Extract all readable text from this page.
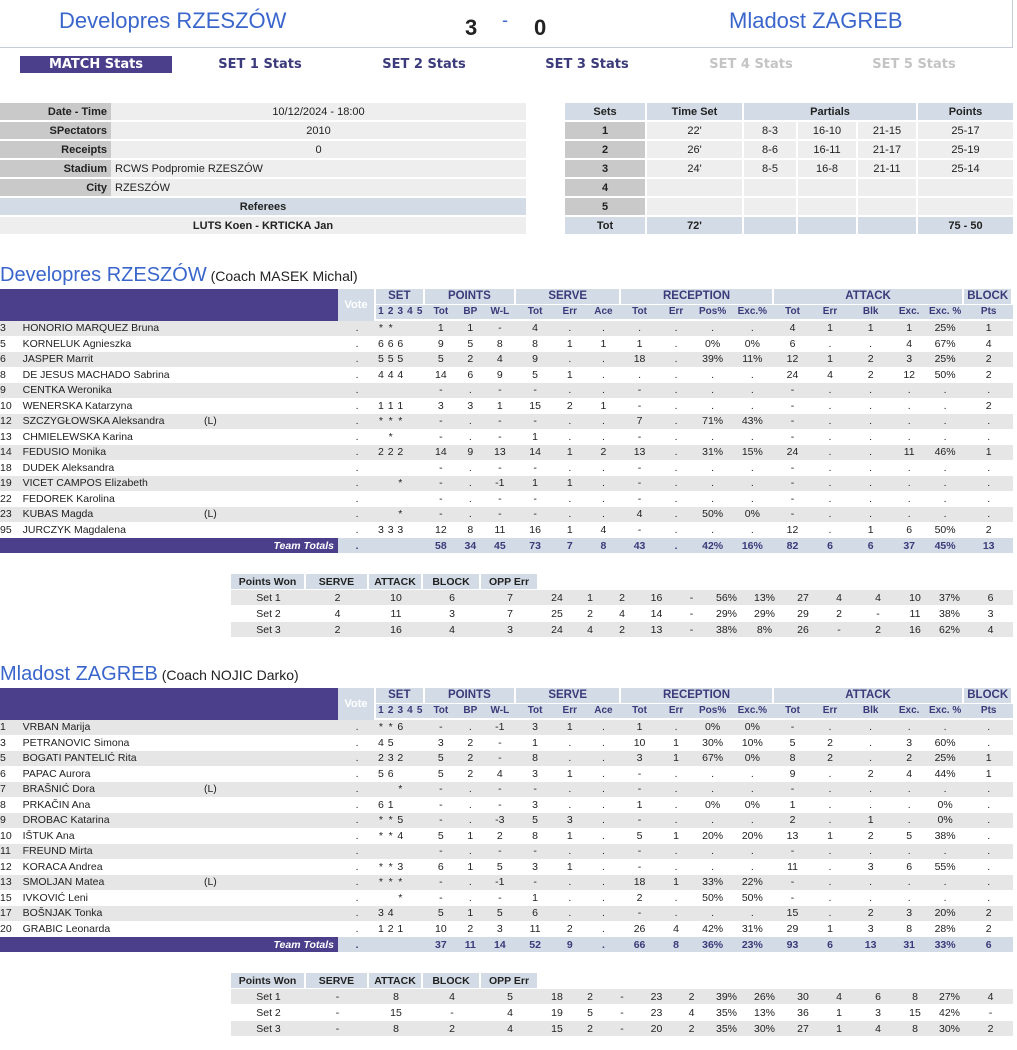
Developres RZESZÓW	3 - 0	Mladost ZAGREB
MATCH Stats	SET 1 Stats	SET 2 Stats	SET 3 Stats	SET 4 Stats	SET 5 Stats
Date - Time	10/12/2024 - 18:00
SPectators	2010
Receipts	0
Stadium	RCWS Podpromie RZESZÓW
City	RZESZÓW
Referees	
LUTS Koen - KRTICKA Jan	
Sets	Time Set	Partials			Points
1	22'	8-3	16-10	21-15	25-17
2	26'	8-6	16-11	21-17	25-19
3	24'	8-5	16-8	21-11	25-14
4					
5					
Tot	72'				75 - 50
Developres RZESZÓW (Coach MASEK Michal)
			Vote	SET					POINTS			SERVE			RECEPTION				ATTACK					BLOCK
				1	2	3	4	5	Tot	BP	W-L	Tot	Err	Ace	Tot	Err	Pos%	Exc.%	Tot	Err	Blk	Exc.	Exc. %	Pts
3	HONORIO MARQUEZ Bruna		.	*	*				1	1	-	4	.	.	.	.	.	.	4	1	1	1	25%	1
5	KORNELUK Agnieszka		.	6	6	6			9	5	8	8	1	1	1	.	0%	0%	6	.	.	4	67%	4
6	JASPER Marrit		.	5	5	5			5	2	4	9	.	.	18	.	39%	11%	12	1	2	3	25%	2
8	DE JESUS MACHADO Sabrina		.	4	4	4			14	6	9	5	1	.	.	.	.	.	24	4	2	12	50%	2
9	CENTKA Weronika		.						-	.	-	-	.	.	-	.	.	.	-	.	.	.	.	.
10	WENERSKA Katarzyna		.	1	1	1			3	3	1	15	2	1	-	.	.	.	-	.	.	.	.	2
12	SZCZYGŁOWSKA Aleksandra	(L)	.	*	*	*			-	.	-	-	.	.	7	.	71%	43%	-	.	.	.	.	.
13	CHMIELEWSKA Karina		.		*				-	.	-	1	.	.	-	.	.	.	-	.	.	.	.	.
14	FEDUSIO Monika		.	2	2	2			14	9	13	14	1	2	13	.	31%	15%	24	.	.	11	46%	1
18	DUDEK Aleksandra		.						-	.	-	-	.	.	-	.	.	.	-	.	.	.	.	.
19	VICET CAMPOS Elizabeth		.			*			-	.	-1	1	1	.	-	.	.	.	-	.	.	.	.	.
22	FEDOREK Karolina		.						-	.	-	-	.	.	-	.	.	.	-	.	.	.	.	.
23	KUBAS Magda	(L)	.			*			-	.	-	-	.	.	4	.	50%	0%	-	.	.	.	.	.
95	JURCZYK Magdalena		.	3	3	3			12	8	11	16	1	4	-	.	.	.	12	.	1	6	50%	2
	Team Totals		.						58	34	45	73	7	8	43	.	42%	16%	82	6	6	37	45%	13
Points Won	SERVE	ATTACK	BLOCK	OPP Err													
Set 1	2	10	6	7	24	1	2	16	-	56%	13%	27	4	4	10	37%	6
Set 2	4	11	3	7	25	2	4	14	-	29%	29%	29	2	-	11	38%	3
Set 3	2	16	4	3	24	4	2	13	-	38%	8%	26	-	2	16	62%	4
Mladost ZAGREB (Coach NOJIC Darko)
			Vote	SET					POINTS			SERVE			RECEPTION				ATTACK					BLOCK
				1	2	3	4	5	Tot	BP	W-L	Tot	Err	Ace	Tot	Err	Pos%	Exc.%	Tot	Err	Blk	Exc.	Exc. %	Pts
1	VRBAN Marija		.	*	*	6			-	.	-1	3	1	.	1	.	0%	0%	-	.	.	.	.	.
3	PETRANOVIC Simona		.	4	5				3	2	-	1	.	.	10	1	30%	10%	5	2	.	3	60%	.
5	BOGATI PANTELIĆ Rita		.	2	3	2			5	2	-	8	.	.	3	1	67%	0%	8	2	.	2	25%	1
6	PAPAC Aurora		.	5	6				5	2	4	3	1	.	-	.	.	.	9	.	2	4	44%	1
7	BRAŠNIĆ Dora	(L)	.			*			-	.	-	-	.	.	-	.	.	.	-	.	.	.	.	.
8	PRKAČIN Ana		.	6	1				-	.	-	3	.	.	1	.	0%	0%	1	.	.	.	0%	.
9	DROBAC Katarina		.	*	*	5			-	.	-3	5	3	.	-	.	.	.	2	.	1	.	0%	.
10	IŠTUK Ana		.	*	*	4			5	1	2	8	1	.	5	1	20%	20%	13	1	2	5	38%	.
11	FREUND Mirta		.						-	.	-	-	.	.	-	.	.	.	-	.	.	.	.	.
12	KORACA Andrea		.	*	*	3			6	1	5	3	1	.	-	.	.	.	11	.	3	6	55%	.
13	SMOLJAN Matea	(L)	.	*	*	*			-	.	-1	-	.	.	18	1	33%	22%	-	.	.	.	.	.
15	IVKOVIĆ Leni		.			*			-	.	-	1	.	.	2	.	50%	50%	-	.	.	.	.	.
17	BOŠNJAK Tonka		.	3	4				5	1	5	6	.	.	-	.	.	.	15	.	2	3	20%	2
20	GRABIC Leonarda		.	1	2	1			10	2	3	11	2	.	26	4	42%	31%	29	1	3	8	28%	2
	Team Totals		.						37	11	14	52	9	.	66	8	36%	23%	93	6	13	31	33%	6
Points Won	SERVE	ATTACK	BLOCK	OPP Err													
Set 1	-	8	4	5	18	2	-	23	2	39%	26%	30	4	6	8	27%	4
Set 2	-	15	-	4	19	5	-	23	4	35%	13%	36	1	3	15	42%	-
Set 3	-	8	2	4	15	2	-	20	2	35%	30%	27	1	4	8	30%	2
